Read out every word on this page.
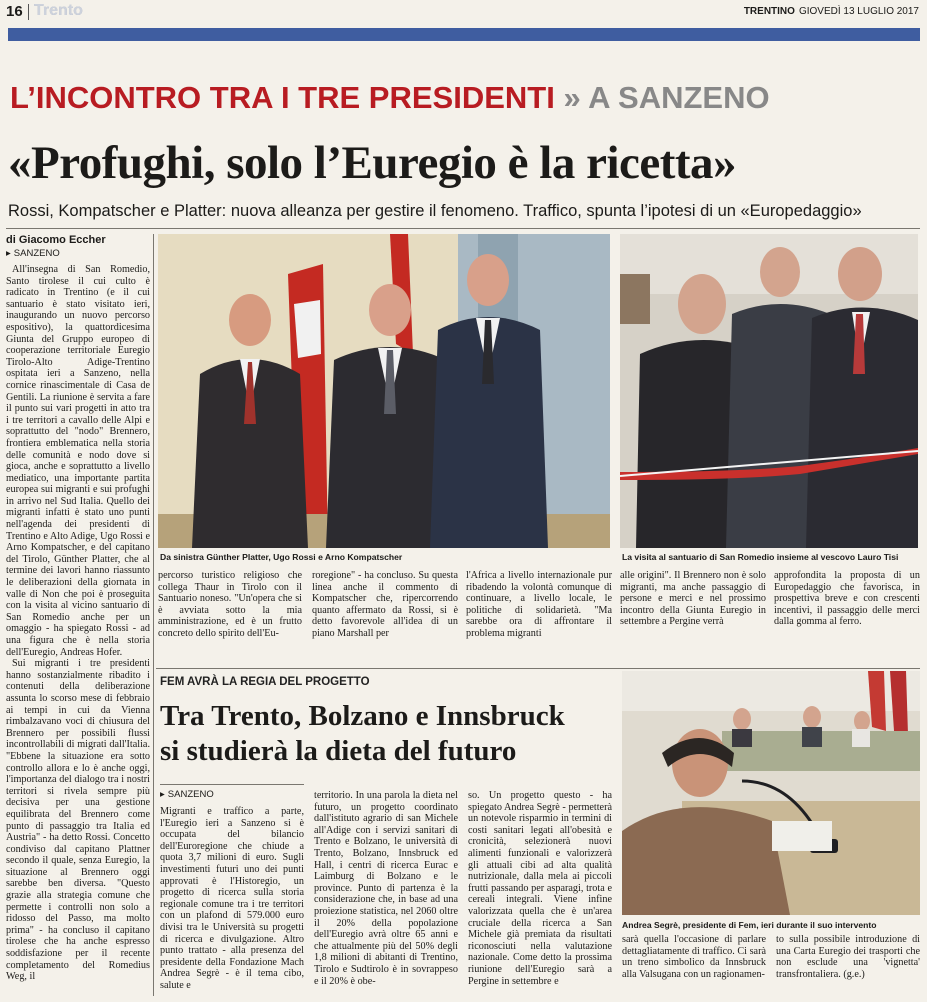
16 Trento	TRENTINO GIOVEDÌ 13 LUGLIO 2017
L’INCONTRO TRA I TRE PRESIDENTI » A SANZENO
«Profughi, solo l’Euregio è la ricetta»
Rossi, Kompatscher e Platter: nuova alleanza per gestire il fenomeno. Traffico, spunta l’ipotesi di un «Europedaggio»
di Giacomo Eccher
▸ SANZENO

All'insegna di San Romedio, Santo tirolese il cui culto è radicato in Trentino (e il cui santuario è stato visitato ieri, inaugurando un nuovo percorso espositivo), la quattordicesima Giunta del Gruppo europeo di cooperazione territoriale Euregio Tirolo-Alto Adige-Trentino ospitata ieri a Sanzeno, nella cornice rinascimentale di Casa de Gentili. La riunione è servita a fare il punto sui vari progetti in atto tra i tre territori a cavallo delle Alpi e soprattutto del "nodo" Brennero, frontiera emblematica nella storia delle comunità e nodo dove si gioca, anche e soprattutto a livello mediatico, una importante partita europea sui migranti e sui profughi in arrivo nel Sud Italia. Quello dei migranti infatti è stato uno punti nell'agenda dei presidenti di Trentino e Alto Adige, Ugo Rossi e Arno Kompatscher, e del capitano del Tirolo, Günther Platter, che al termine dei lavori hanno riassunto le deliberazioni della giornata in valle di Non che poi è proseguita con la visita al vicino santuario di San Romedio anche per un omaggio - ha spiegato Rossi - ad una figura che è nella storia dell'Euregio, Andreas Hofer.

Sui migranti i tre presidenti hanno sostanzialmente ribadito i contenuti della deliberazione assunta lo scorso mese di febbraio ai tempi in cui da Vienna rimbalzavano voci di chiusura del Brennero per possibili flussi incontrollabili di migrati dall'Italia. "Ebbene la situazione era sotto controllo allora e lo è anche oggi, l'importanza del dialogo tra i nostri territori si rivela sempre più decisiva per una gestione equilibrata del Brennero come punto di passaggio tra Italia ed Austria" - ha detto Rossi. Concetto condiviso dal capitano Plattner secondo il quale, senza Euregio, la situazione al Brennero oggi sarebbe ben diversa. "Questo grazie alla strategia comune che permette i controlli non solo a ridosso del Passo, ma molto prima" - ha concluso il capitano tirolese che ha anche espresso soddisfazione per il recente completamento del Romedius Weg, il

Da sinistra Günther Platter, Ugo Rossi e Arno Kompatscher	La visita al santuario di San Romedio insieme al vescovo Lauro Tisi
percorso turistico religioso che collega Thaur in Tirolo con il Santuario noneso. "Un'opera che si è avviata sotto la mia amministrazione, ed è un frutto concreto dello spirito dell'Eu-
roregione" - ha concluso. Su questa linea anche il commento di Kompatscher che, ripercorrendo quanto affermato da Rossi, si è detto favorevole all'idea di un piano Marshall per
l'Africa a livello internazionale pur ribadendo la volontà comunque di continuare, a livello locale, le politiche di solidarietà. "Ma sarebbe ora di affrontare il problema migranti
alle origini". Il Brennero non è solo migranti, ma anche passaggio di persone e merci e nel prossimo incontro della Giunta Euregio in settembre a Pergine verrà
approfondita la proposta di un Europedaggio che favorisca, in prospettiva breve e con crescenti incentivi, il passaggio delle merci dalla gomma al ferro.
FEM AVRÀ LA REGIA DEL PROGETTO
Tra Trento, Bolzano e Innsbruck
si studierà la dieta del futuro
▸ SANZENO
Migranti e traffico a parte, l'Euregio ieri a Sanzeno si è occupata del bilancio dell'Euroregione che chiude a quota 3,7 milioni di euro. Sugli investimenti futuri uno dei punti approvati è l'Historegio, un progetto di ricerca sulla storia regionale comune tra i tre territori con un plafond di 579.000 euro divisi tra le Università su progetti di ricerca e divulgazione. Altro punto trattato - alla presenza del presidente della Fondazione Mach Andrea Segrè - è il tema cibo, salute e
territorio. In una parola la dieta nel futuro, un progetto coordinato dall'istituto agrario di san Michele all'Adige con i servizi sanitari di Trento e Bolzano, le università di Trento, Bolzano, Innsbruck ed Hall, i centri di ricerca Eurac e Laimburg di Bolzano e le province. Punto di partenza è la considerazione che, in base ad una proiezione statistica, nel 2060 oltre il 20% della popolazione dell'Euregio avrà oltre 65 anni e che attualmente più del 50% degli 1,8 milioni di abitanti di Trentino, Tirolo e Sudtirolo è in sovrappeso e il 20% è obe-
so. Un progetto questo - ha spiegato Andrea Segrè - permetterà un notevole risparmio in termini di costi sanitari legati all'obesità e cronicità, selezionerà nuovi alimenti funzionali e valorizzerà gli attuali cibi ad alta qualità nutrizionale, dalla mela ai piccoli frutti passando per asparagi, trota e cereali integrali. Viene infine valorizzata quella che è un'area cruciale della ricerca a San Michele già premiata da risultati riconosciuti nella valutazione nazionale. Come detto la prossima riunione dell'Euregio sarà a Pergine in settembre e
Andrea Segrè, presidente di Fem, ieri durante il suo intervento
sarà quella l'occasione di parlare dettagliatamente di traffico. Ci sarà un treno simbolico da Innsbruck alla Valsugana con un ragionamen-
to sulla possibile introduzione di una Carta Euregio dei trasporti che non esclude una 'vignetta' transfrontaliera. (g.e.)
